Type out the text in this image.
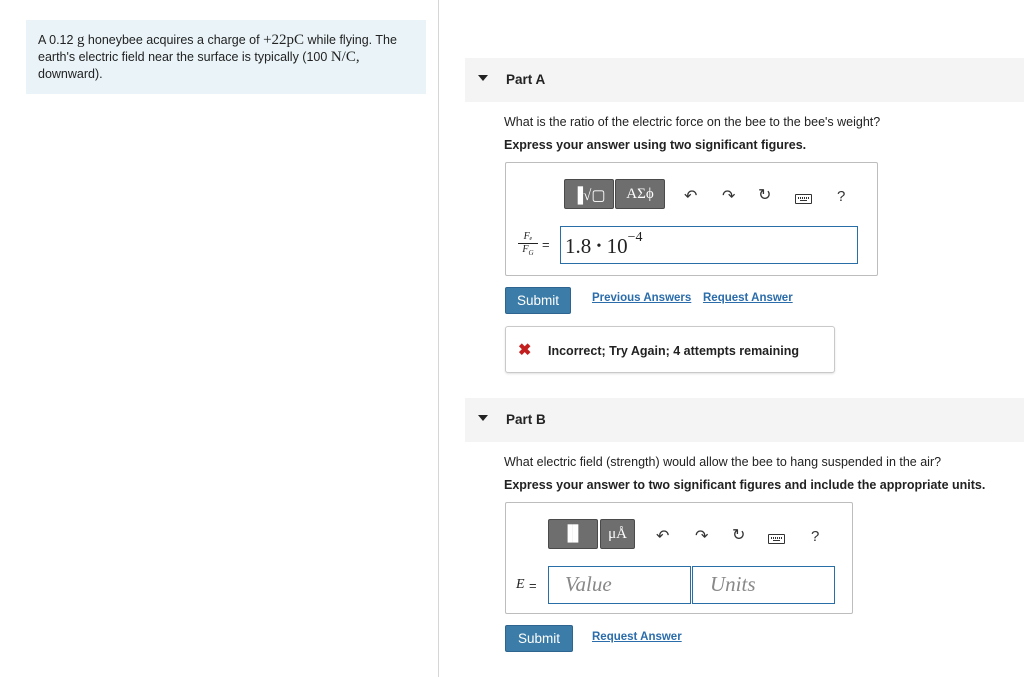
A 0.12 g honeybee acquires a charge of +22pC while flying. The
earth's electric field near the surface is typically (100 N/C,
downward).	Part A
What is the ratio of the electric force on the bee to the bee's weight?
Express your answer using two significant figures.
▐√▢	ΑΣϕ	↶ ↷ ↻	?
1.8 • $10^{-4}$
$\frac{\text{Fₑ}}{F_G}$ =
Submit	Previous Answers Request Answer
✖ Incorrect; Try Again; 4 attempts remaining
Part B
What electric field (strength) would allow the bee to hang suspended in the air?
Express your answer to two significant figures and include the appropriate units.
▐▌	μÅ	↶ ↷ ↻	?
Value	Units
E =
Submit	Request Answer
